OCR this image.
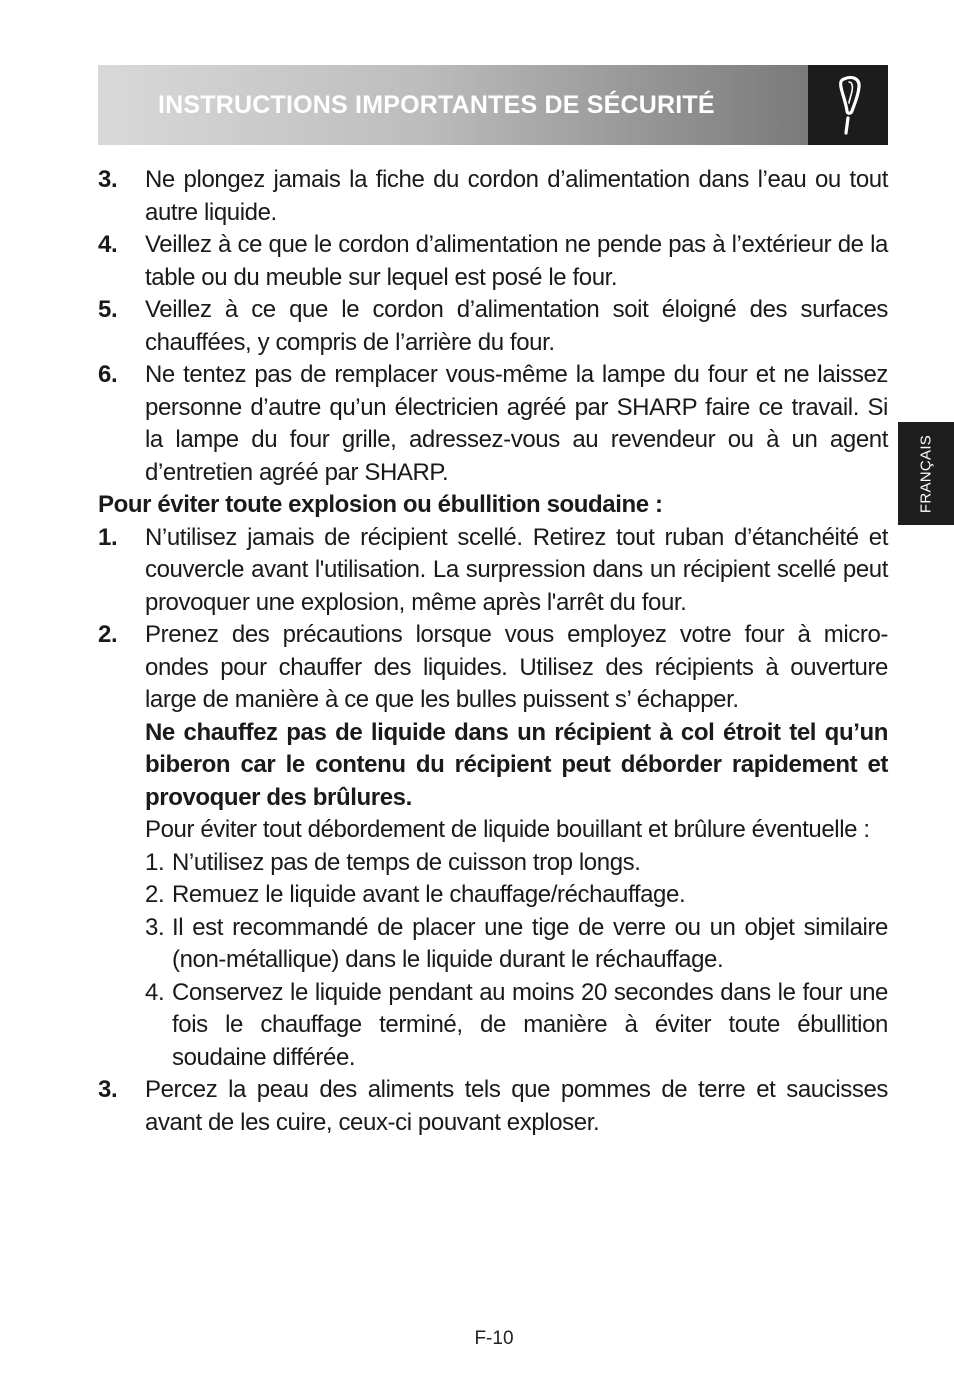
INSTRUCTIONS IMPORTANTES DE SÉCURITÉ
FRANÇAIS
3. Ne plongez jamais la fiche du cordon d’alimentation dans l’eau ou tout autre liquide.

4. Veillez à ce que le cordon d’alimentation ne pende pas à l’extérieur de la table ou du meuble sur lequel est posé le four.

5. Veillez à ce que le cordon d’alimentation soit éloigné des surfaces chauffées, y compris de l’arrière du four.

6. Ne tentez pas de remplacer vous-même la lampe du four et ne laissez personne d’autre qu’un électricien agréé par SHARP faire ce travail. Si la lampe du four grille, adressez-vous au revendeur ou à un agent d’entretien agréé par SHARP.

Pour éviter toute explosion ou ébullition soudaine :
1. N’utilisez jamais de récipient scellé. Retirez tout ruban d’étanchéité et couvercle avant l'utilisation. La surpression dans un récipient scellé peut provoquer une explosion, même après l'arrêt du four.

2. Prenez des précautions lorsque vous employez votre four à micro-ondes pour chauffer des liquides. Utilisez des récipients à ouverture large de manière à ce que les bulles puissent s’ échapper.

Ne chauffez pas de liquide dans un récipient à col étroit tel qu’un biberon car le contenu du récipient peut déborder rapidement et provoquer des brûlures.

Pour éviter tout débordement de liquide bouillant et brûlure éventuelle :

1. N’utilisez pas de temps de cuisson trop longs.
2. Remuez le liquide avant le chauffage/réchauffage.
3. Il est recommandé de placer une tige de verre ou un objet similaire (non-métallique) dans le liquide durant le réchauffage.
4. Conservez le liquide pendant au moins 20 secondes dans le four une fois le chauffage terminé, de manière à éviter toute ébullition soudaine différée.
3. Percez la peau des aliments tels que pommes de terre et saucisses avant de les cuire, ceux-ci pouvant exploser.

F-10
